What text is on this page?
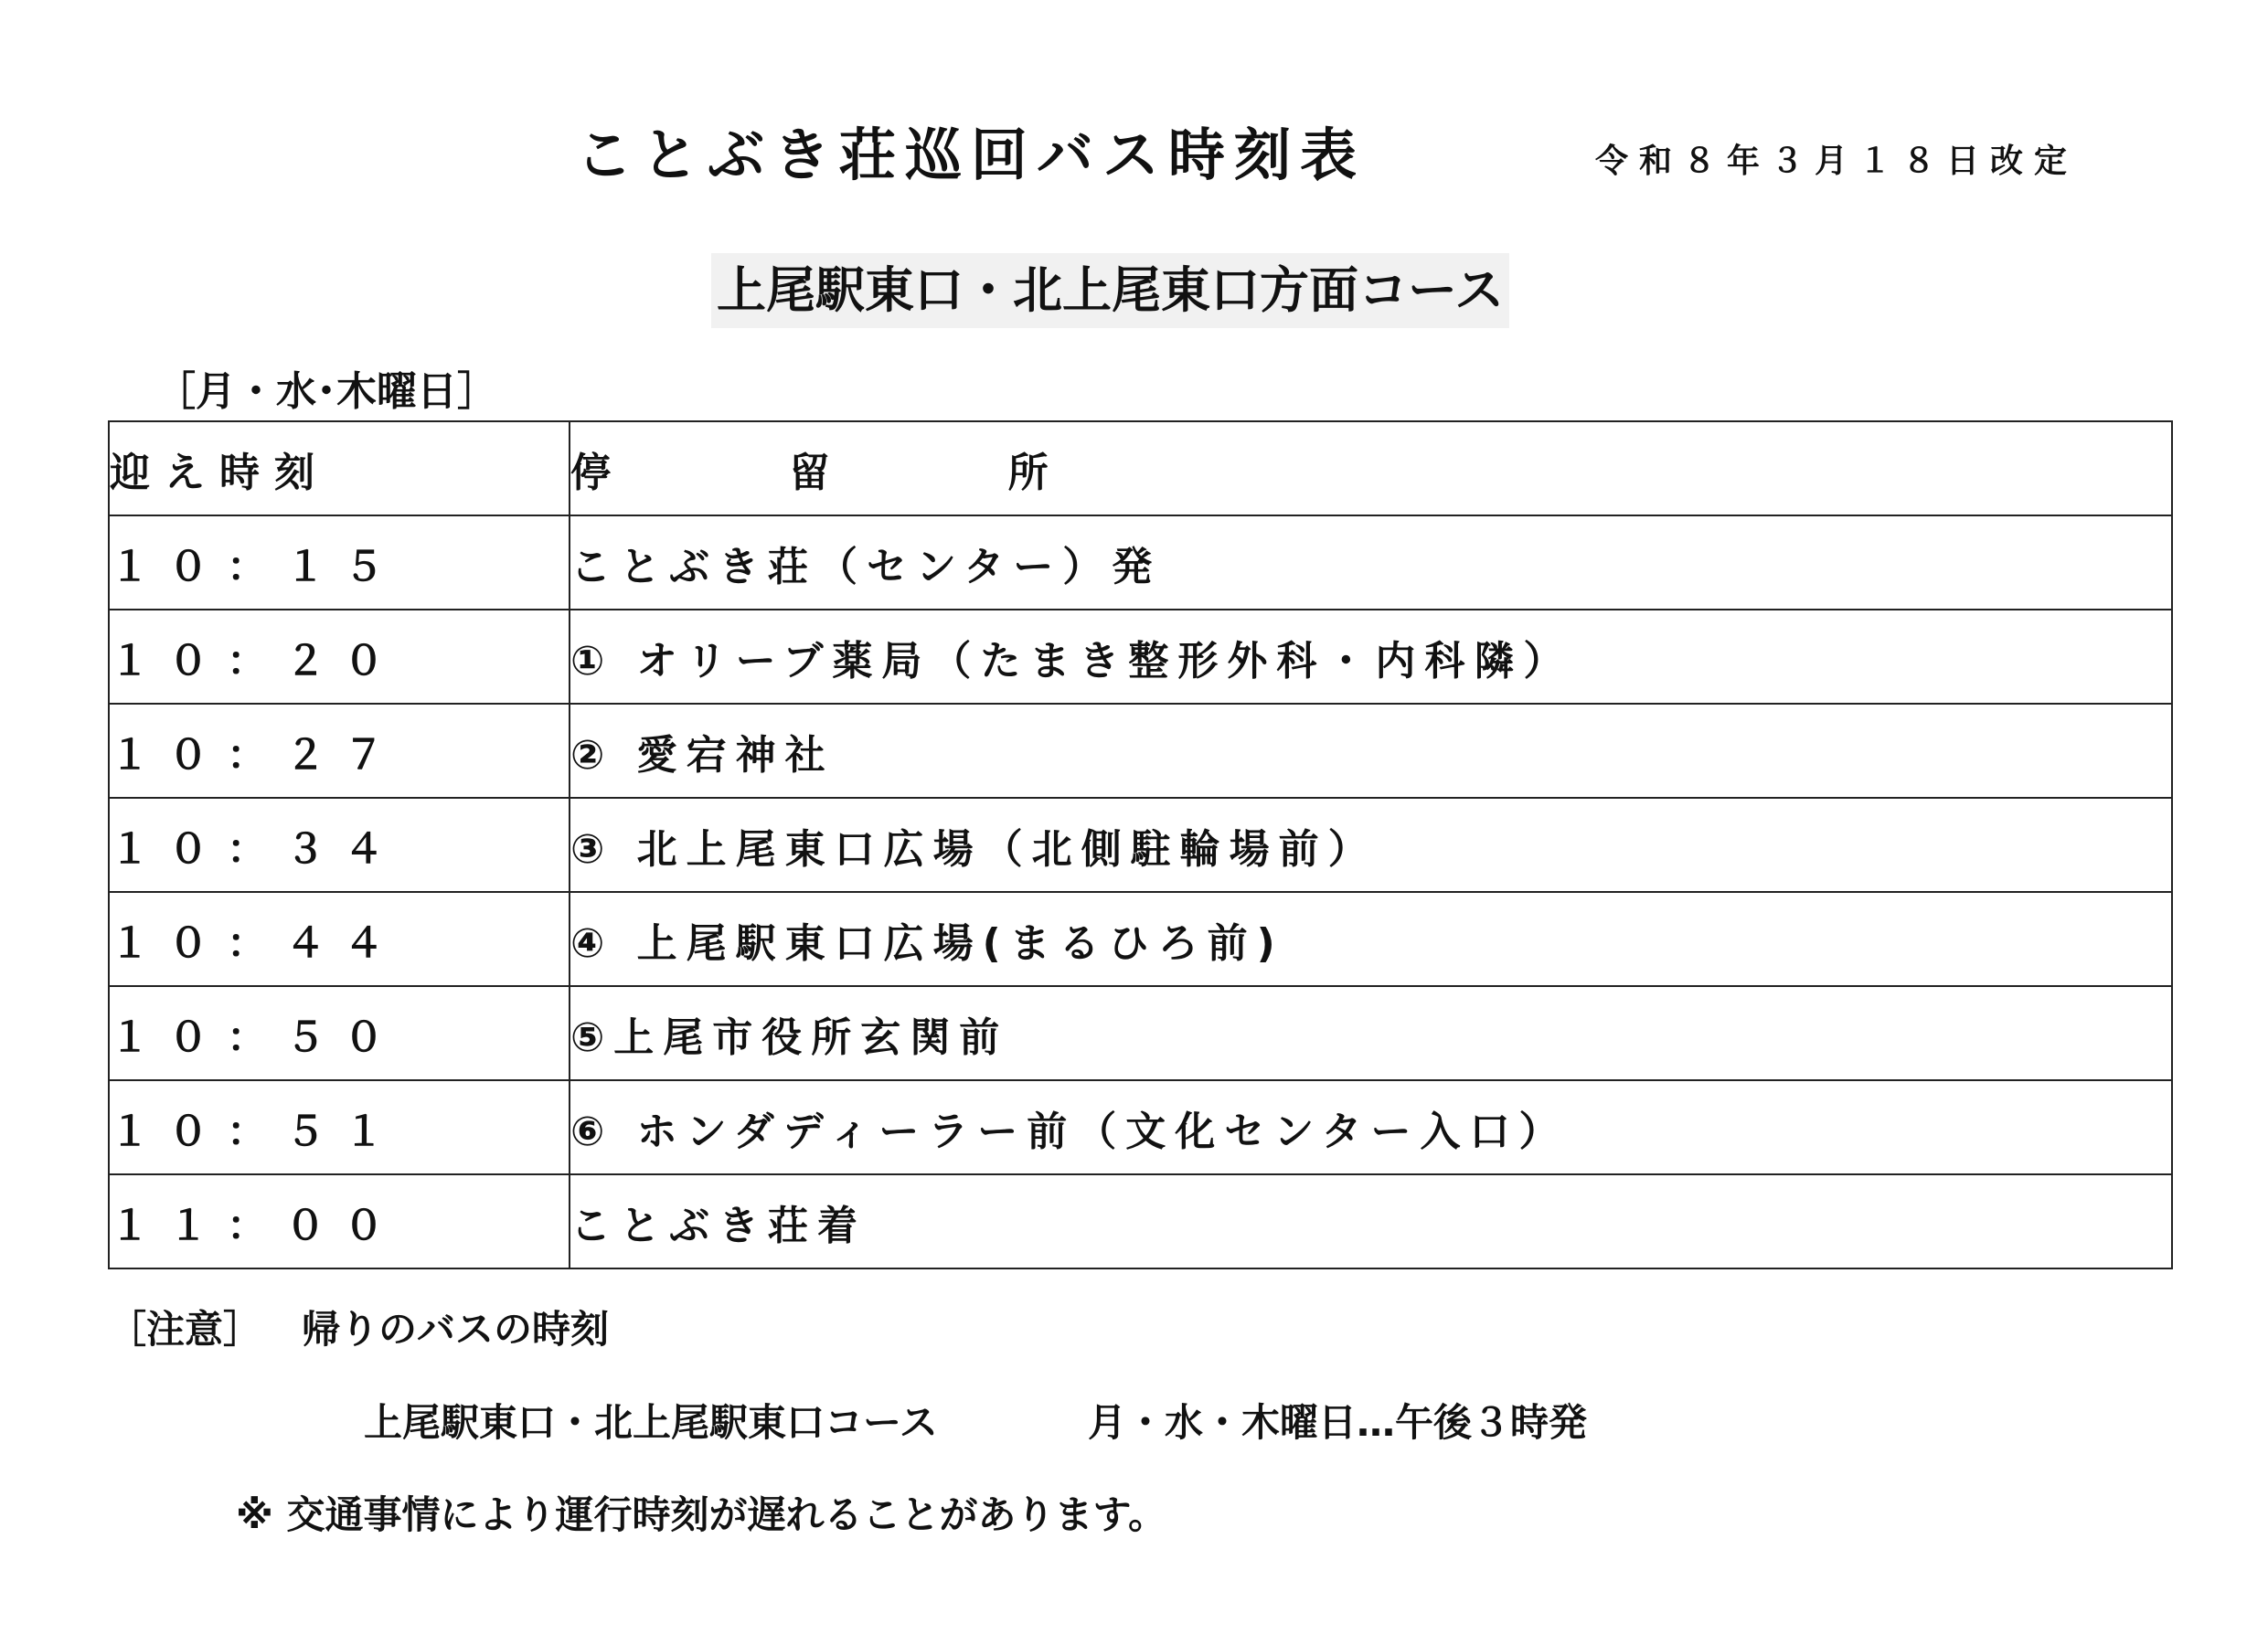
ことぶき荘巡回バス時刻表	令和８年３月１８日改定
上尾駅東口・北上尾東口方面コース
［月・水･木曜日］
迎え時刻	停 留 所
１０：１５	ことぶき荘（センター）発
１０：２０	① オリーブ薬局（たまき整形外科・内科隣）
１０：２７	② 愛宕神社
１０：３４	③ 北上尾東口広場（北側駐輪場前）
１０：４４	④ 上尾駅東口広場(まるひろ前)
１０：５０	⑤上尾市役所玄関前
１０：５１	⑥ ホンダディーラー前（文化センター入口）
１１：００	ことぶき荘着
［注意］ 帰りのバスの時刻
上尾駅東口・北上尾駅東口コース	月・水・木曜日…午後３時発
※ 交通事情により運行時刻が遅れることがあります。
